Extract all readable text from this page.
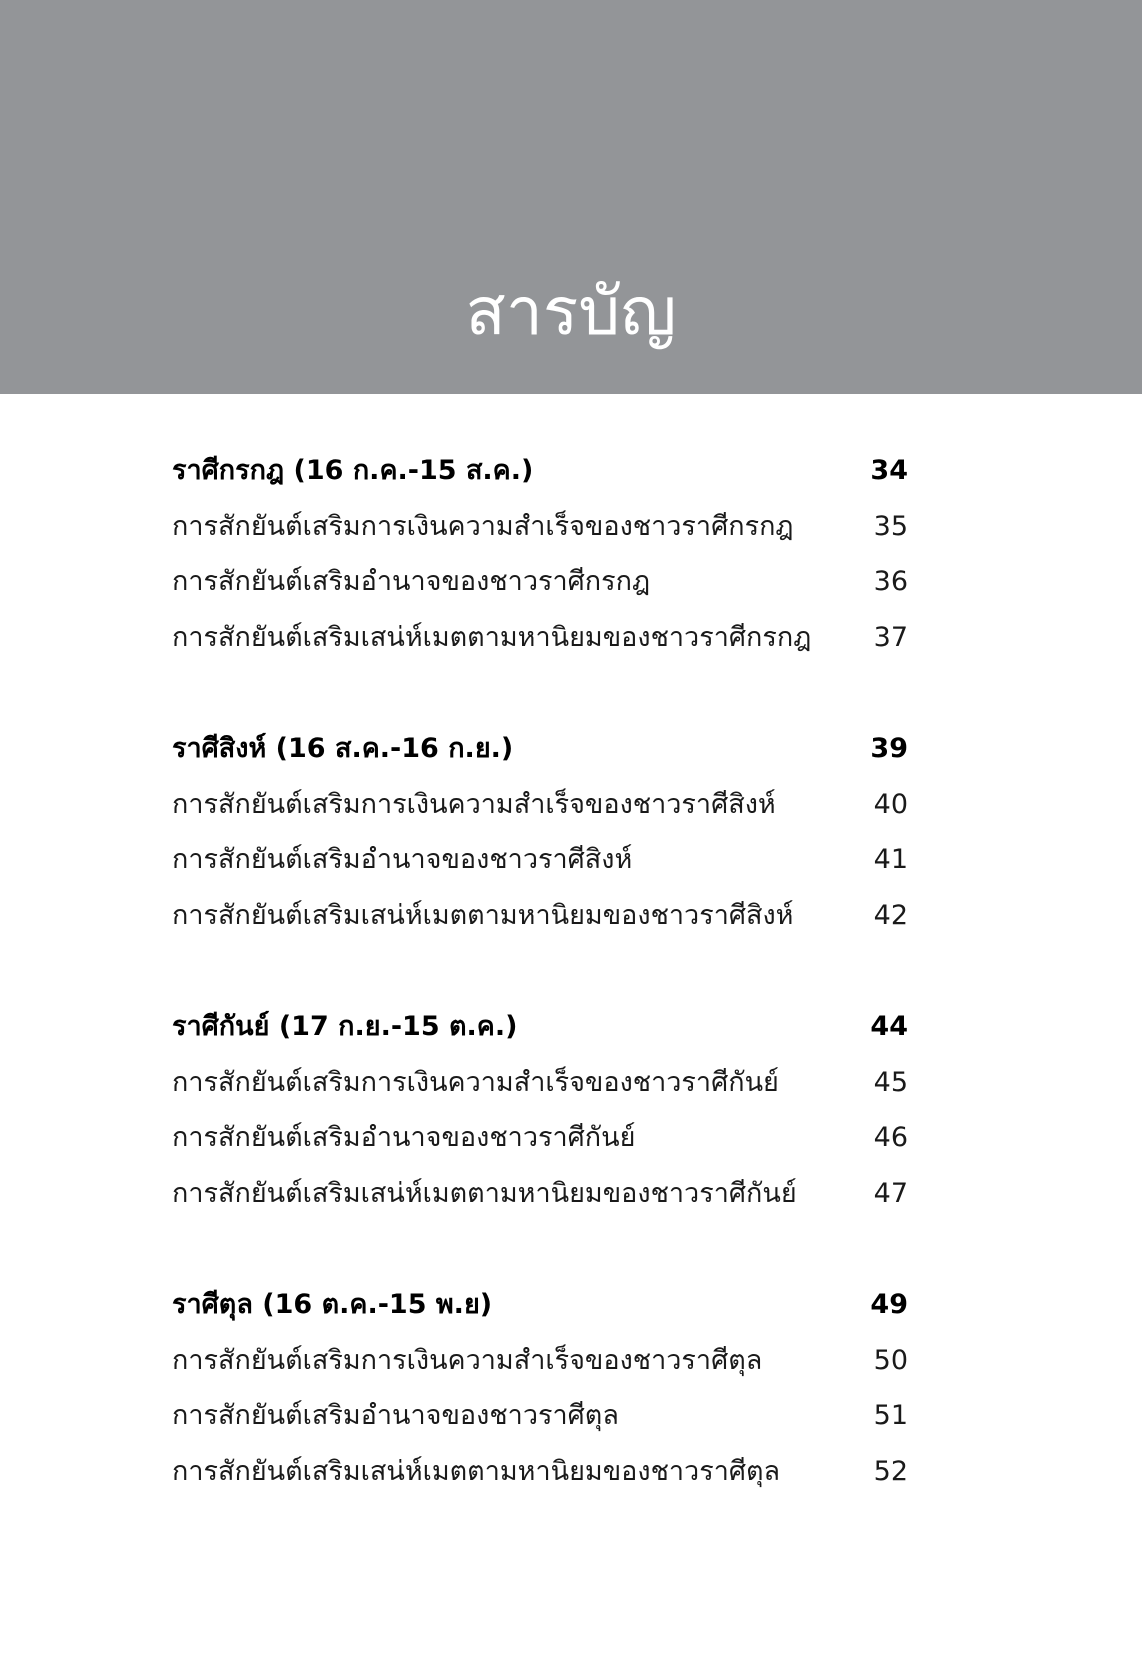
สารบัญ
ราศีกรกฎ (16 ก.ค.-15 ส.ค.)	34
การสักยันต์เสริมการเงินความสำเร็จของชาวราศีกรกฎ	35
การสักยันต์เสริมอำนาจของชาวราศีกรกฎ	36
การสักยันต์เสริมเสน่ห์เมตตามหานิยมของชาวราศีกรกฎ	37
ราศีสิงห์ (16 ส.ค.-16 ก.ย.)	39
การสักยันต์เสริมการเงินความสำเร็จของชาวราศีสิงห์	40
การสักยันต์เสริมอำนาจของชาวราศีสิงห์	41
การสักยันต์เสริมเสน่ห์เมตตามหานิยมของชาวราศีสิงห์	42
ราศีกันย์ (17 ก.ย.-15 ต.ค.)	44
การสักยันต์เสริมการเงินความสำเร็จของชาวราศีกันย์	45
การสักยันต์เสริมอำนาจของชาวราศีกันย์	46
การสักยันต์เสริมเสน่ห์เมตตามหานิยมของชาวราศีกันย์	47
ราศีตุล (16 ต.ค.-15 พ.ย)	49
การสักยันต์เสริมการเงินความสำเร็จของชาวราศีตุล	50
การสักยันต์เสริมอำนาจของชาวราศีตุล	51
การสักยันต์เสริมเสน่ห์เมตตามหานิยมของชาวราศีตุล	52
